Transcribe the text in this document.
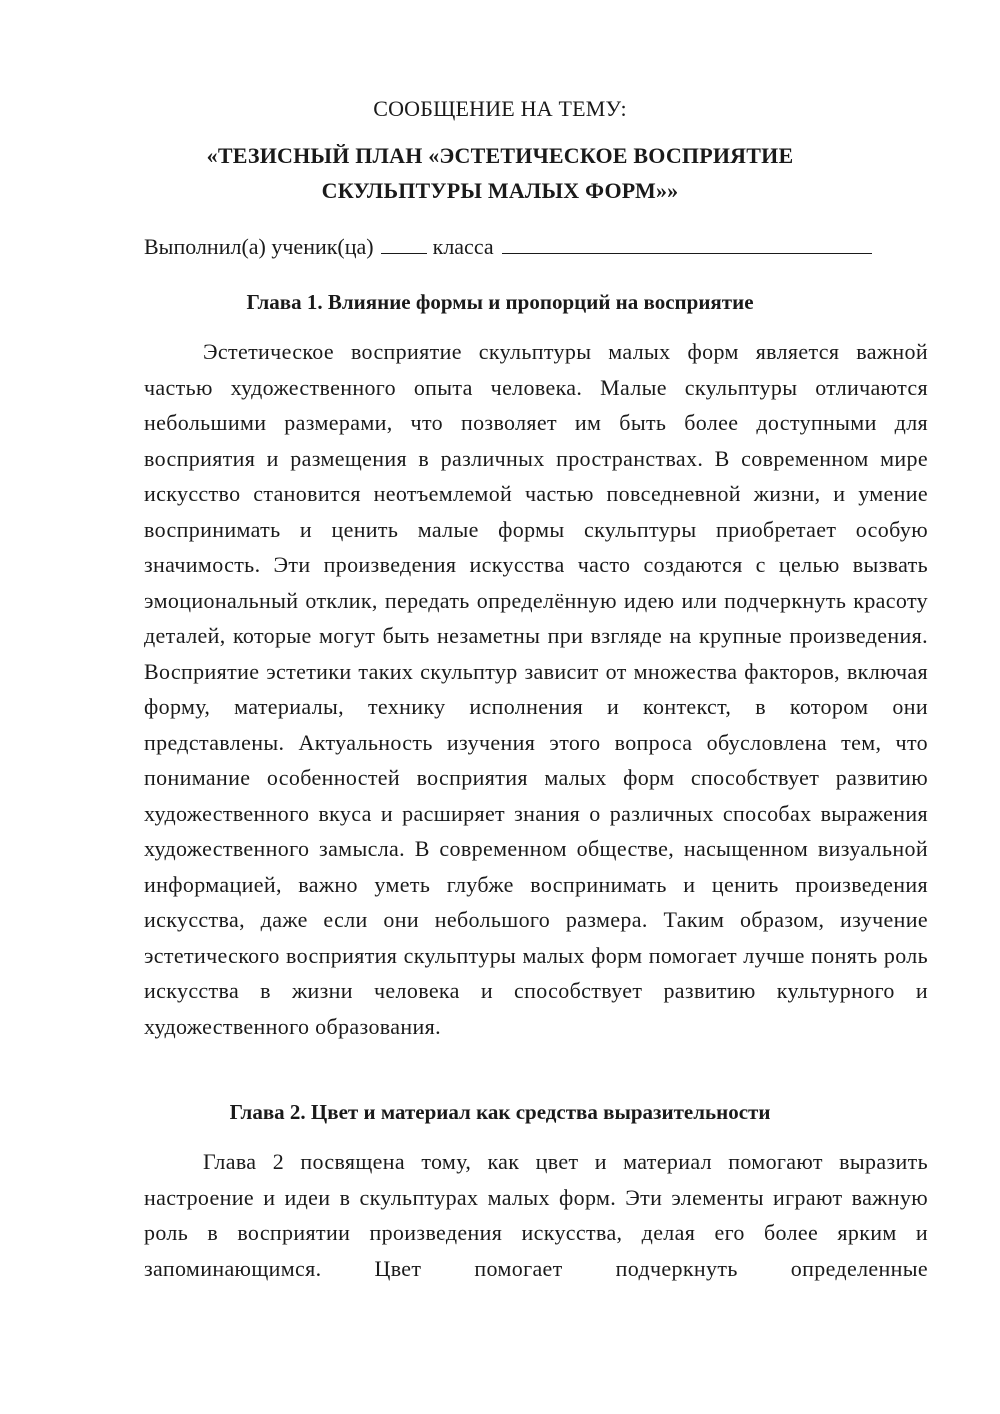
СООБЩЕНИЕ НА ТЕМУ:
«ТЕЗИСНЫЙ ПЛАН «ЭСТЕТИЧЕСКОЕ ВОСПРИЯТИЕ
СКУЛЬПТУРЫ МАЛЫХ ФОРМ»»
Выполнил(а) ученик(ца)	класса
Глава 1. Влияние формы и пропорций на восприятие

Эстетическое восприятие скульптуры малых форм является важной частью художественного опыта человека. Малые скульптуры отличаются небольшими размерами, что позволяет им быть более доступными для восприятия и размещения в различных пространствах. В современном мире искусство становится неотъемлемой частью повседневной жизни, и умение воспринимать и ценить малые формы скульптуры приобретает особую значимость. Эти произведения искусства часто создаются с целью вызвать эмоциональный отклик, передать определённую идею или подчеркнуть красоту деталей, которые могут быть незаметны при взгляде на крупные произведения. Восприятие эстетики таких скульптур зависит от множества факторов, включая форму, материалы, технику исполнения и контекст, в котором они представлены. Актуальность изучения этого вопроса обусловлена тем, что понимание особенностей восприятия малых форм способствует развитию художественного вкуса и расширяет знания о различных способах выражения художественного замысла. В современном обществе, насыщенном визуальной информацией, важно уметь глубже воспринимать и ценить произведения искусства, даже если они небольшого размера. Таким образом, изучение эстетического восприятия скульптуры малых форм помогает лучше понять роль искусства в жизни человека и способствует развитию культурного и художественного образования.

Глава 2. Цвет и материал как средства выразительности

Глава 2 посвящена тому, как цвет и материал помогают выразить настроение и идеи в скульптурах малых форм. Эти элементы играют важную роль в восприятии произведения искусства, делая его более ярким и запоминающимся. Цвет помогает подчеркнуть определенные
